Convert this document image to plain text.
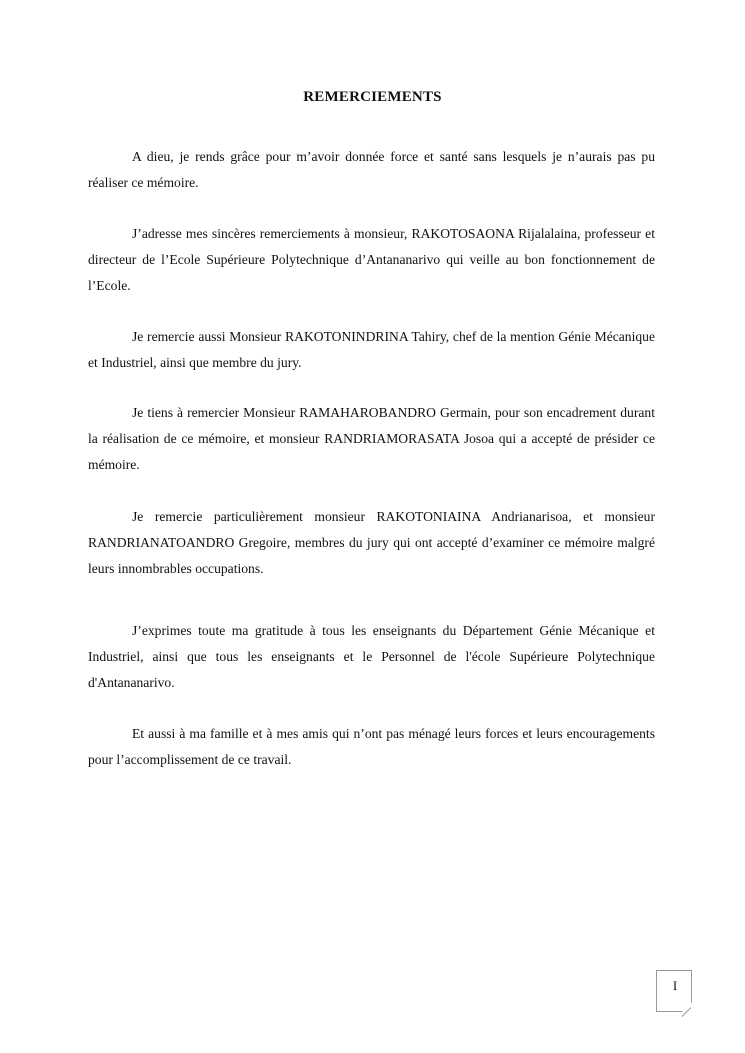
REMERCIEMENTS

A dieu, je rends grâce pour m’avoir donnée force et santé sans lesquels je n’aurais pas pu réaliser ce mémoire.

J’adresse mes sincères remerciements à monsieur, RAKOTOSAONA Rijalalaina, professeur et directeur de l’Ecole Supérieure Polytechnique d’Antananarivo qui veille au bon fonctionnement de l’Ecole.

Je remercie aussi Monsieur RAKOTONINDRINA Tahiry, chef de la mention Génie Mécanique et Industriel, ainsi que membre du jury.

Je tiens à remercier Monsieur RAMAHAROBANDRO Germain, pour son encadrement durant la réalisation de ce mémoire, et monsieur RANDRIAMORASATA Josoa qui a accepté de présider ce mémoire.

Je remercie particulièrement monsieur RAKOTONIAINA Andrianarisoa, et monsieur RANDRIANATOANDRO Gregoire, membres du jury qui ont accepté d’examiner ce mémoire malgré leurs innombrables occupations.

J’exprimes toute ma gratitude à tous les enseignants du Département Génie Mécanique et Industriel, ainsi que tous les enseignants et le Personnel de l'école Supérieure Polytechnique d'Antananarivo.

Et aussi à ma famille et à mes amis qui n’ont pas ménagé leurs forces et leurs encouragements pour l’accomplissement de ce travail.

I
